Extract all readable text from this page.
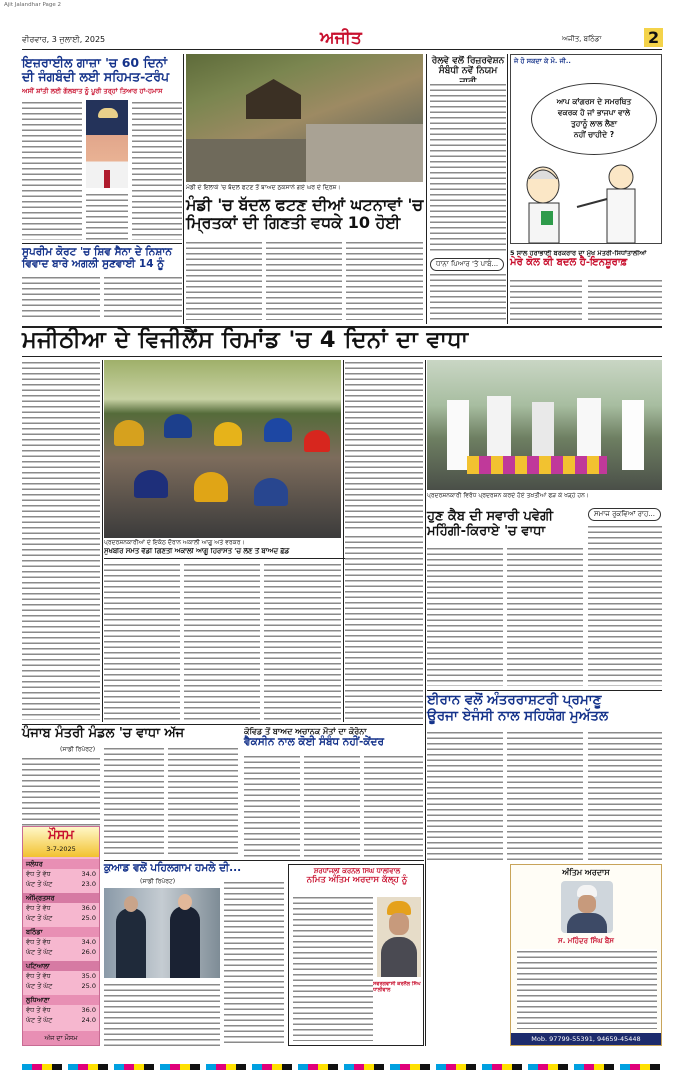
Ajit Jalandhar Page 2
ਵੀਰਵਾਰ, 3 ਜੁਲਾਈ, 2025	ਅਜੀਤ	ਅਜੀਤ, ਬਠਿੰਡਾ	2
ਇਜ਼ਰਾਈਲ ਗਾਜ਼ਾ 'ਚ 60 ਦਿਨਾਂ
ਦੀ ਜੰਗਬੰਦੀ ਲਈ ਸਹਿਮਤ-ਟਰੰਪ
ਅਸੀਂ ਸ਼ਾਂਤੀ ਲਈ ਗੱਲਬਾਤ ਨੂੰ ਪੂਰੀ ਤਰ੍ਹਾਂ ਤਿਆਰ ਹਾਂ-ਹਮਾਸ
ਸੁਪਰੀਮ ਕੋਰਟ 'ਚ ਸ਼ਿਵ ਸੈਨਾ ਦੇ ਨਿਸ਼ਾਨ
ਵਿਵਾਦ ਬਾਰੇ ਅਗਲੀ ਸੁਣਵਾਈ 14 ਨੂੰ
ਮੰਡੀ ਦੇ ਇਲਾਕੇ 'ਚ ਬੱਦਲ ਫਟਣ ਤੋਂ ਬਾਅਦ ਨੁਕਸਾਨੇ ਗਏ ਘਰ ਦੇ ਦ੍ਰਿਸ਼।
ਮੰਡੀ 'ਚ ਬੱਦਲ ਫਟਣ ਦੀਆਂ ਘਟਨਾਵਾਂ 'ਚ
ਮ੍ਰਿਤਕਾਂ ਦੀ ਗਿਣਤੀ ਵਧਕੇ 10 ਹੋਈ
ਰੇਲਵੇ ਵਲੋਂ ਰਿਜ਼ਰਵੇਸ਼ਨ
ਸੰਬੰਧੀ ਨਵੇਂ ਨਿਯਮ
ਧਾਨਾ ਪਿਆਰ 'ਤੇ ਪਾਬੰ...
ਜੇ ਹੋ ਸਕਦਾ ਕੇ ਮੋ. ਜੀ..
ਆਪ ਕਾਂਗਰਸ ਦੇ ਸਮਰਥਿਤ
ਵਕਰਕ ਹੋ ਜਾਂ ਭਾਜਪਾ ਵਾਲੇ
ਤੁਹਾਨੂੰ ਲਾਲ ਲੈਣਾ
ਨਹੀਂ ਚਾਹੀਦੇ ?
5 ਸਾਲ ਹਰਾਭਾਈ ਬਰਕਰਾਰ ਦਾ ਮੁੱਖ ਮੰਤਰੀ-ਸਿਧਾਂਤਾਲੀਆਂ
ਮੇਰੇ ਕੋਲ ਕੀ ਬਦਲ ਹੈ-ਇਨਸ਼ੂਰਾਫ਼
ਮਜੀਠੀਆ ਦੇ ਵਿਜੀਲੈਂਸ ਰਿਮਾਂਡ 'ਚ 4 ਦਿਨਾਂ ਦਾ ਵਾਧਾ
ਪ੍ਰਦਰਸ਼ਨਕਾਰੀਆਂ ਦੇ ਇਕੱਠ ਦੌਰਾਨ ਅਕਾਲੀ ਆਗੂ ਅਤੇ ਵਰਕਰ।
ਸੁਖਬੀਰ ਸਮੇਤ ਵੱਡੀ ਗਿਣਤੀ ਅਕਾਲੀ ਆਗੂ ਹਿਰਾਸਤ 'ਚ ਲੈਣ ਤੋਂ ਬਾਅਦ ਛੱਡੇ
ਪ੍ਰਦਰਸ਼ਨਕਾਰੀ ਵਿਰੋਧ ਪ੍ਰਦਰਸ਼ਨ ਕਰਦੇ ਹੋਏ ਤਖ਼ਤੀਆਂ ਫੜ ਕੇ ਖੜ੍ਹੇ ਹਨ।
ਸਮਾਜ ਰੁਕਵਿਆਂ ਰਾਹ...
ਹੁਣ ਕੈਬ ਦੀ ਸਵਾਰੀ ਪਵੇਗੀ
ਮਹਿੰਗੀ-ਕਿਰਾਏ 'ਚ ਵਾਧਾ
ਈਰਾਨ ਵਲੋਂ ਅੰਤਰਰਾਸ਼ਟਰੀ ਪ੍ਰਮਾਣੂ
ਊਰਜਾ ਏਜੰਸੀ ਨਾਲ ਸਹਿਯੋਗ ਮੁਅੱਤਲ
ਪੰਜਾਬ ਮੰਤਰੀ ਮੰਡਲ 'ਚ ਵਾਧਾ ਅੱਜ
(ਸਾਡੀ ਰਿਪੋਰਟ)
ਕੋਵਿਡ ਤੋਂ ਬਾਅਦ ਅਚਾਨਕ ਮੌਤਾਂ ਦਾ ਕੋਰੋਨਾ
ਵੈਕਸੀਨ ਨਾਲ ਕੋਈ ਸੰਬੰਧ ਨਹੀਂ-ਕੇਂਦਰ
ਮੌਸਮ
3-7-2025
ਜਲੰਧਰ
ਵੱਧ ਤੋਂ ਵੱਧ	34.0
ਘੱਟ ਤੋਂ ਘੱਟ	23.0
ਅੰਮ੍ਰਿਤਸਰ
ਵੱਧ ਤੋਂ ਵੱਧ	36.0
ਘੱਟ ਤੋਂ ਘੱਟ	25.0
ਬਠਿੰਡਾ
ਵੱਧ ਤੋਂ ਵੱਧ	34.0
ਘੱਟ ਤੋਂ ਘੱਟ	26.0
ਪਟਿਆਲਾ
ਵੱਧ ਤੋਂ ਵੱਧ	35.0
ਘੱਟ ਤੋਂ ਘੱਟ	25.0
ਲੁਧਿਆਣਾ
ਵੱਧ ਤੋਂ ਵੱਧ	36.0
ਘੱਟ ਤੋਂ ਘੱਟ	24.0
ਅੱਜ ਦਾ ਮੌਸਮ
ਕੁਆਡ ਵਲੋਂ ਪਹਿਲਗਾਮ ਹਮਲੇ ਦੀ...
(ਸਾਡੀ ਰਿਪੋਰਟ)
ਸ਼ਰਧਾਂਜਲੀ ਕਰਨੈਲ ਸਿੰਘ ਧਾਲੀਵਾਲ
ਨਮਿਤ ਅੰਤਿਮ ਅਰਦਾਸ ਕੱਲ੍ਹ ਨੂੰ
ਸਵਰਗਵਾਸੀ ਕਰਨੈਲ ਸਿੰਘ ਧਾਲੀਵਾਲ
ਅੰਤਿਮ ਅਰਦਾਸ
ਸ. ਮਹਿੰਦਰ ਸਿੰਘ ਬੈਂਸ
Mob. 97799-55391, 94659-45448
